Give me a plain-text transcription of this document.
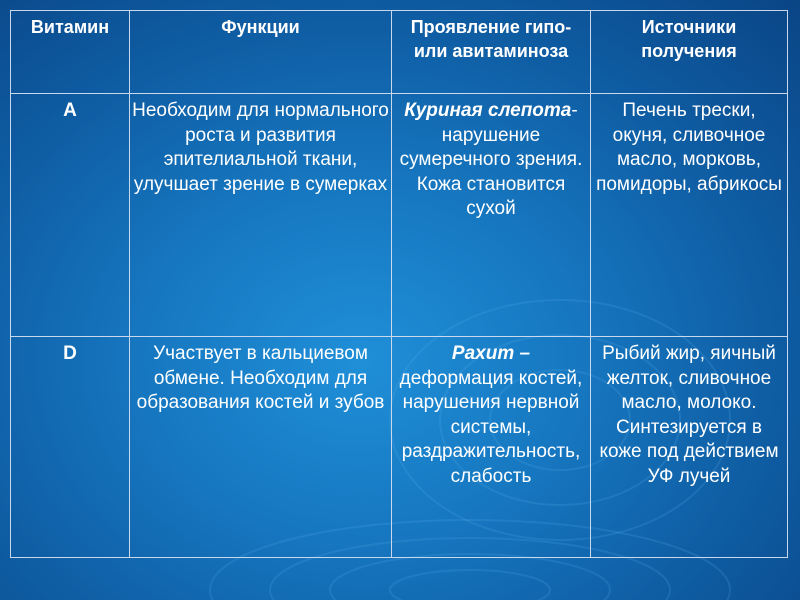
Витамин	Функции	Проявление гипо- или авитаминоза	Источники получения
A	Необходим для нормального роста и развития эпителиальной ткани, улучшает зрение в сумерках	Куриная слепота- нарушение сумеречного зрения. Кожа становится сухой	Печень трески, окуня, сливочное масло, морковь, помидоры, абрикосы
D	Участвует в кальциевом обмене. Необходим для образования костей и зубов	Рахит – деформация костей, нарушения нервной системы, раздражительность, слабость	Рыбий жир, яичный желток, сливочное масло, молоко. Синтезируется в коже под действием УФ лучей
